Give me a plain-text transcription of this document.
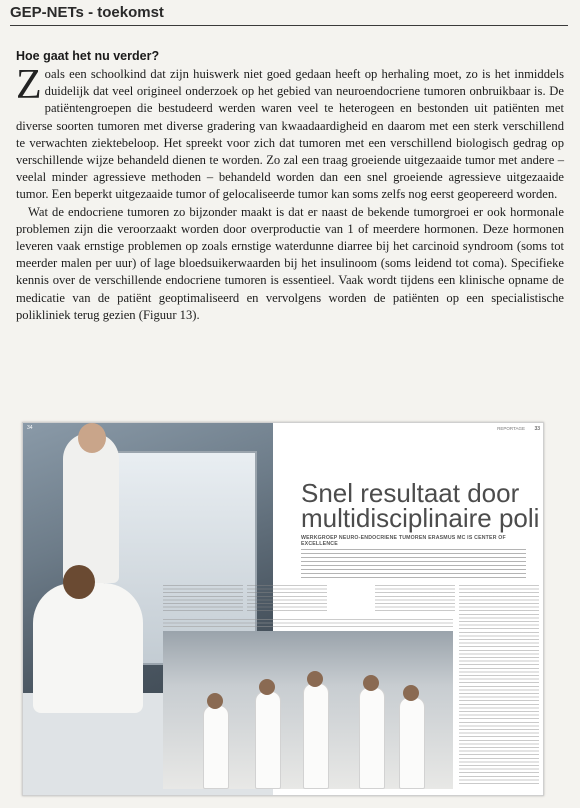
GEP-NETs - toekomst
Hoe gaat het nu verder?

Zoals een schoolkind dat zijn huiswerk niet goed gedaan heeft op herhaling moet, zo is het inmiddels duidelijk dat veel origineel onderzoek op het gebied van neuroendocriene tumoren onbruikbaar is. De patiëntengroepen die bestudeerd werden waren veel te heterogeen en bestonden uit patiënten met diverse soorten tumoren met diverse gradering van kwaadaardigheid en daarom met een sterk verschillend te verwachten ziektebeloop. Het spreekt voor zich dat tumoren met een verschillend biologisch gedrag op verschillende wijze behandeld dienen te worden. Zo zal een traag groeiende uitgezaaide tumor met andere – veelal minder agressieve methoden – behandeld worden dan een snel groeiende agressieve uitgezaaide tumor. Een beperkt uitgezaaide tumor of gelocaliseerde tumor kan soms zelfs nog eerst geopereerd worden.

Wat de endocriene tumoren zo bijzonder maakt is dat er naast de bekende tumorgroei er ook hormonale problemen zijn die veroorzaakt worden door overproductie van 1 of meerdere hormonen. Deze hormonen leveren vaak ernstige problemen op zoals ernstige waterdunne diarree bij het carcinoid syndroom (soms tot meerder malen per uur) of lage bloedsuikerwaarden bij het insulinoom (soms leidend tot coma). Specifieke kennis over de verschillende endocriene tumoren is essentieel. Vaak wordt tijdens een klinische opname de medicatie van de patiënt geoptimaliseerd en vervolgens worden de patiënten op een specialistische polikliniek terug gezien (Figuur 13).

34	REPORTAGE 33
Snel resultaat door multidisciplinaire poli
WERKGROEP NEURO-ENDOCRIENE TUMOREN ERASMUS MC IS CENTER OF EXCELLENCE
